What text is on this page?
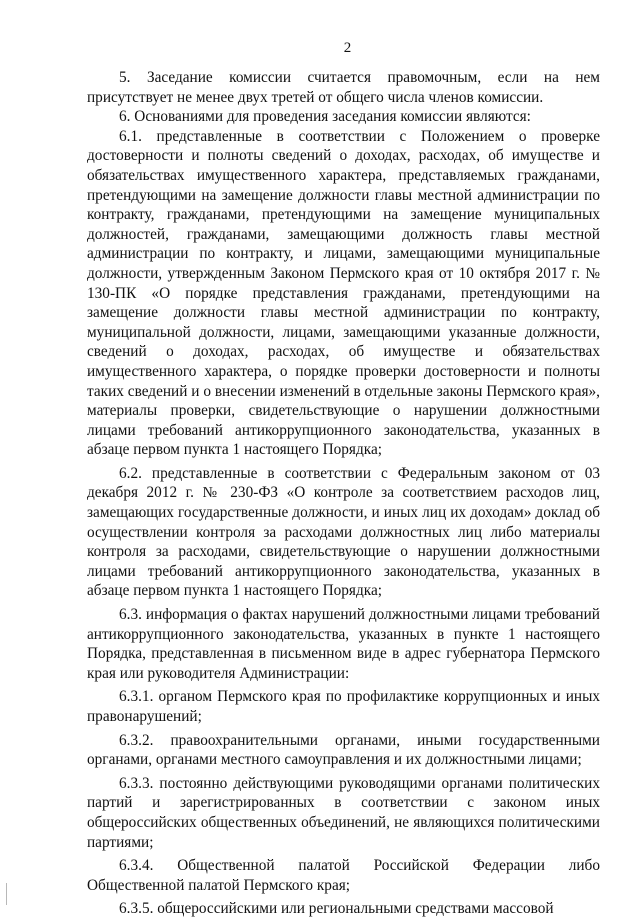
2

5. Заседание комиссии считается правомочным, если на нем присутствует не менее двух третей от общего числа членов комиссии.

6. Основаниями для проведения заседания комиссии являются:

6.1. представленные в соответствии с Положением о проверке достоверности и полноты сведений о доходах, расходах, об имуществе и обязательствах имущественного характера, представляемых гражданами, претендующими на замещение должности главы местной администрации по контракту, гражданами, претендующими на замещение муниципальных должностей, гражданами, замещающими должность главы местной администрации по контракту, и лицами, замещающими муниципальные должности, утвержденным Законом Пермского края от 10 октября 2017 г. № 130-ПК «О порядке представления гражданами, претендующими на замещение должности главы местной администрации по контракту, муниципальной должности, лицами, замещающими указанные должности, сведений о доходах, расходах, об имуществе и обязательствах имущественного характера, о порядке проверки достоверности и полноты таких сведений и о внесении изменений в отдельные законы Пермского края», материалы проверки, свидетельствующие о нарушении должностными лицами требований антикоррупционного законодательства, указанных в абзаце первом пункта 1 настоящего Порядка;

6.2. представленные в соответствии с Федеральным законом от 03 декабря 2012 г. № 230-ФЗ «О контроле за соответствием расходов лиц, замещающих государственные должности, и иных лиц их доходам» доклад об осуществлении контроля за расходами должностных лиц либо материалы контроля за расходами, свидетельствующие о нарушении должностными лицами требований антикоррупционного законодательства, указанных в абзаце первом пункта 1 настоящего Порядка;

6.3. информация о фактах нарушений должностными лицами требований антикоррупционного законодательства, указанных в пункте 1 настоящего Порядка, представленная в письменном виде в адрес губернатора Пермского края или руководителя Администрации:

6.3.1. органом Пермского края по профилактике коррупционных и иных правонарушений;

6.3.2. правоохранительными органами, иными государственными органами, органами местного самоуправления и их должностными лицами;

6.3.3. постоянно действующими руководящими органами политических партий и зарегистрированных в соответствии с законом иных общероссийских общественных объединений, не являющихся политическими партиями;

6.3.4. Общественной палатой Российской Федерации либо Общественной палатой Пермского края;

6.3.5. общероссийскими или региональными средствами массовой
